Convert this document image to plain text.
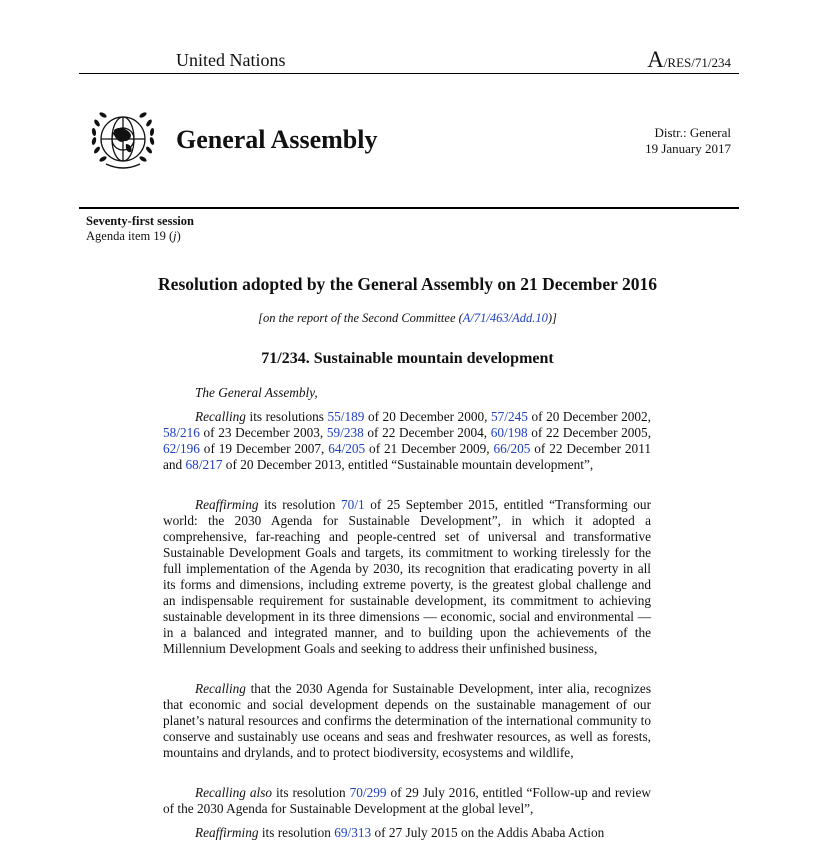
United Nations	A/RES/71/234
General Assembly	Distr.: General
19 January 2017
Seventy-first session
Agenda item 19 (j)
Resolution adopted by the General Assembly on 21 December 2016
[on the report of the Second Committee (A/71/463/Add.10)]
71/234. Sustainable mountain development

The General Assembly,

Recalling its resolutions 55/189 of 20 December 2000, 57/245 of 20 December 2002, 58/216 of 23 December 2003, 59/238 of 22 December 2004, 60/198 of 22 December 2005, 62/196 of 19 December 2007, 64/205 of 21 December 2009, 66/205 of 22 December 2011 and 68/217 of 20 December 2013, entitled “Sustainable mountain development”,

Reaffirming its resolution 70/1 of 25 September 2015, entitled “Transforming our world: the 2030 Agenda for Sustainable Development”, in which it adopted a comprehensive, far-reaching and people-centred set of universal and transformative Sustainable Development Goals and targets, its commitment to working tirelessly for the full implementation of the Agenda by 2030, its recognition that eradicating poverty in all its forms and dimensions, including extreme poverty, is the greatest global challenge and an indispensable requirement for sustainable development, its commitment to achieving sustainable development in its three dimensions — economic, social and environmental — in a balanced and integrated manner, and to building upon the achievements of the Millennium Development Goals and seeking to address their unfinished business,

Recalling that the 2030 Agenda for Sustainable Development, inter alia, recognizes that economic and social development depends on the sustainable management of our planet’s natural resources and confirms the determination of the international community to conserve and sustainably use oceans and seas and freshwater resources, as well as forests, mountains and drylands, and to protect biodiversity, ecosystems and wildlife,

Recalling also its resolution 70/299 of 29 July 2016, entitled “Follow-up and review of the 2030 Agenda for Sustainable Development at the global level”,

Reaffirming its resolution 69/313 of 27 July 2015 on the Addis Ababa Action
